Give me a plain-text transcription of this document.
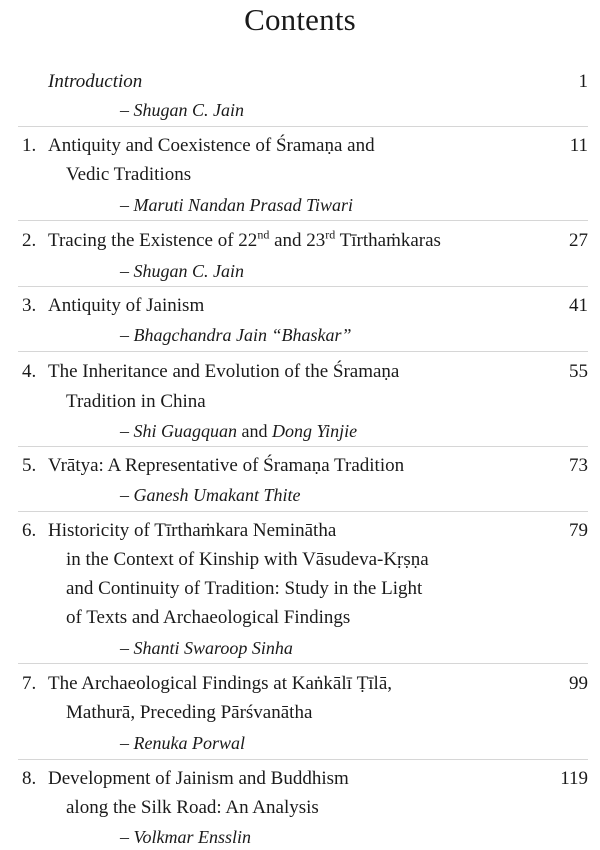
Contents
Introduction	1
– Shugan C. Jain
1. Antiquity and Coexistence of Śramaṇa and	11
Vedic Traditions
– Maruti Nandan Prasad Tiwari
2. Tracing the Existence of 22nd and 23rd Tīrthaṁkaras	27
– Shugan C. Jain
3. Antiquity of Jainism	41
– Bhagchandra Jain “Bhaskar”
4. The Inheritance and Evolution of the Śramaṇa	55
Tradition in China
– Shi Guagquan and Dong Yinjie
5. Vrātya: A Representative of Śramaṇa Tradition	73
– Ganesh Umakant Thite
6. Historicity of Tīrthaṁkara Neminātha	79
in the Context of Kinship with Vāsudeva-Kṛṣṇa
and Continuity of Tradition: Study in the Light
of Texts and Archaeological Findings
– Shanti Swaroop Sinha
7. The Archaeological Findings at Kaṅkālī Ṭīlā,	99
Mathurā, Preceding Pārśvanātha
– Renuka Porwal
8. Development of Jainism and Buddhism	119
along the Silk Road: An Analysis
– Volkmar Ensslin
